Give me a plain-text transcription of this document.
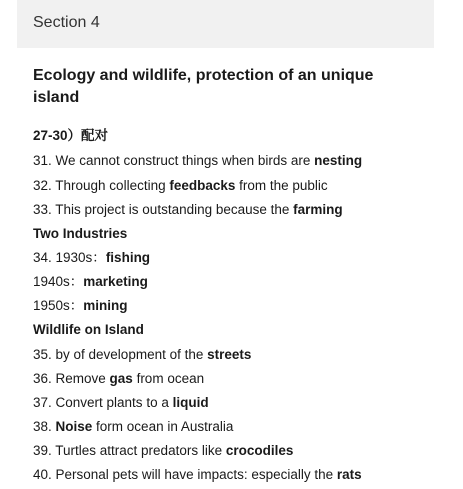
Section 4
Ecology and wildlife, protection of an unique island
27-30）配对
31. We cannot construct things when birds are nesting
32. Through collecting feedbacks from the public
33. This project is outstanding because the farming
Two Industries
34. 1930s：fishing
1940s：marketing
1950s：mining
Wildlife on Island
35. by of development of the streets
36. Remove gas from ocean
37. Convert plants to a liquid
38. Noise form ocean in Australia
39. Turtles attract predators like crocodiles
40. Personal pets will have impacts: especially the rats
